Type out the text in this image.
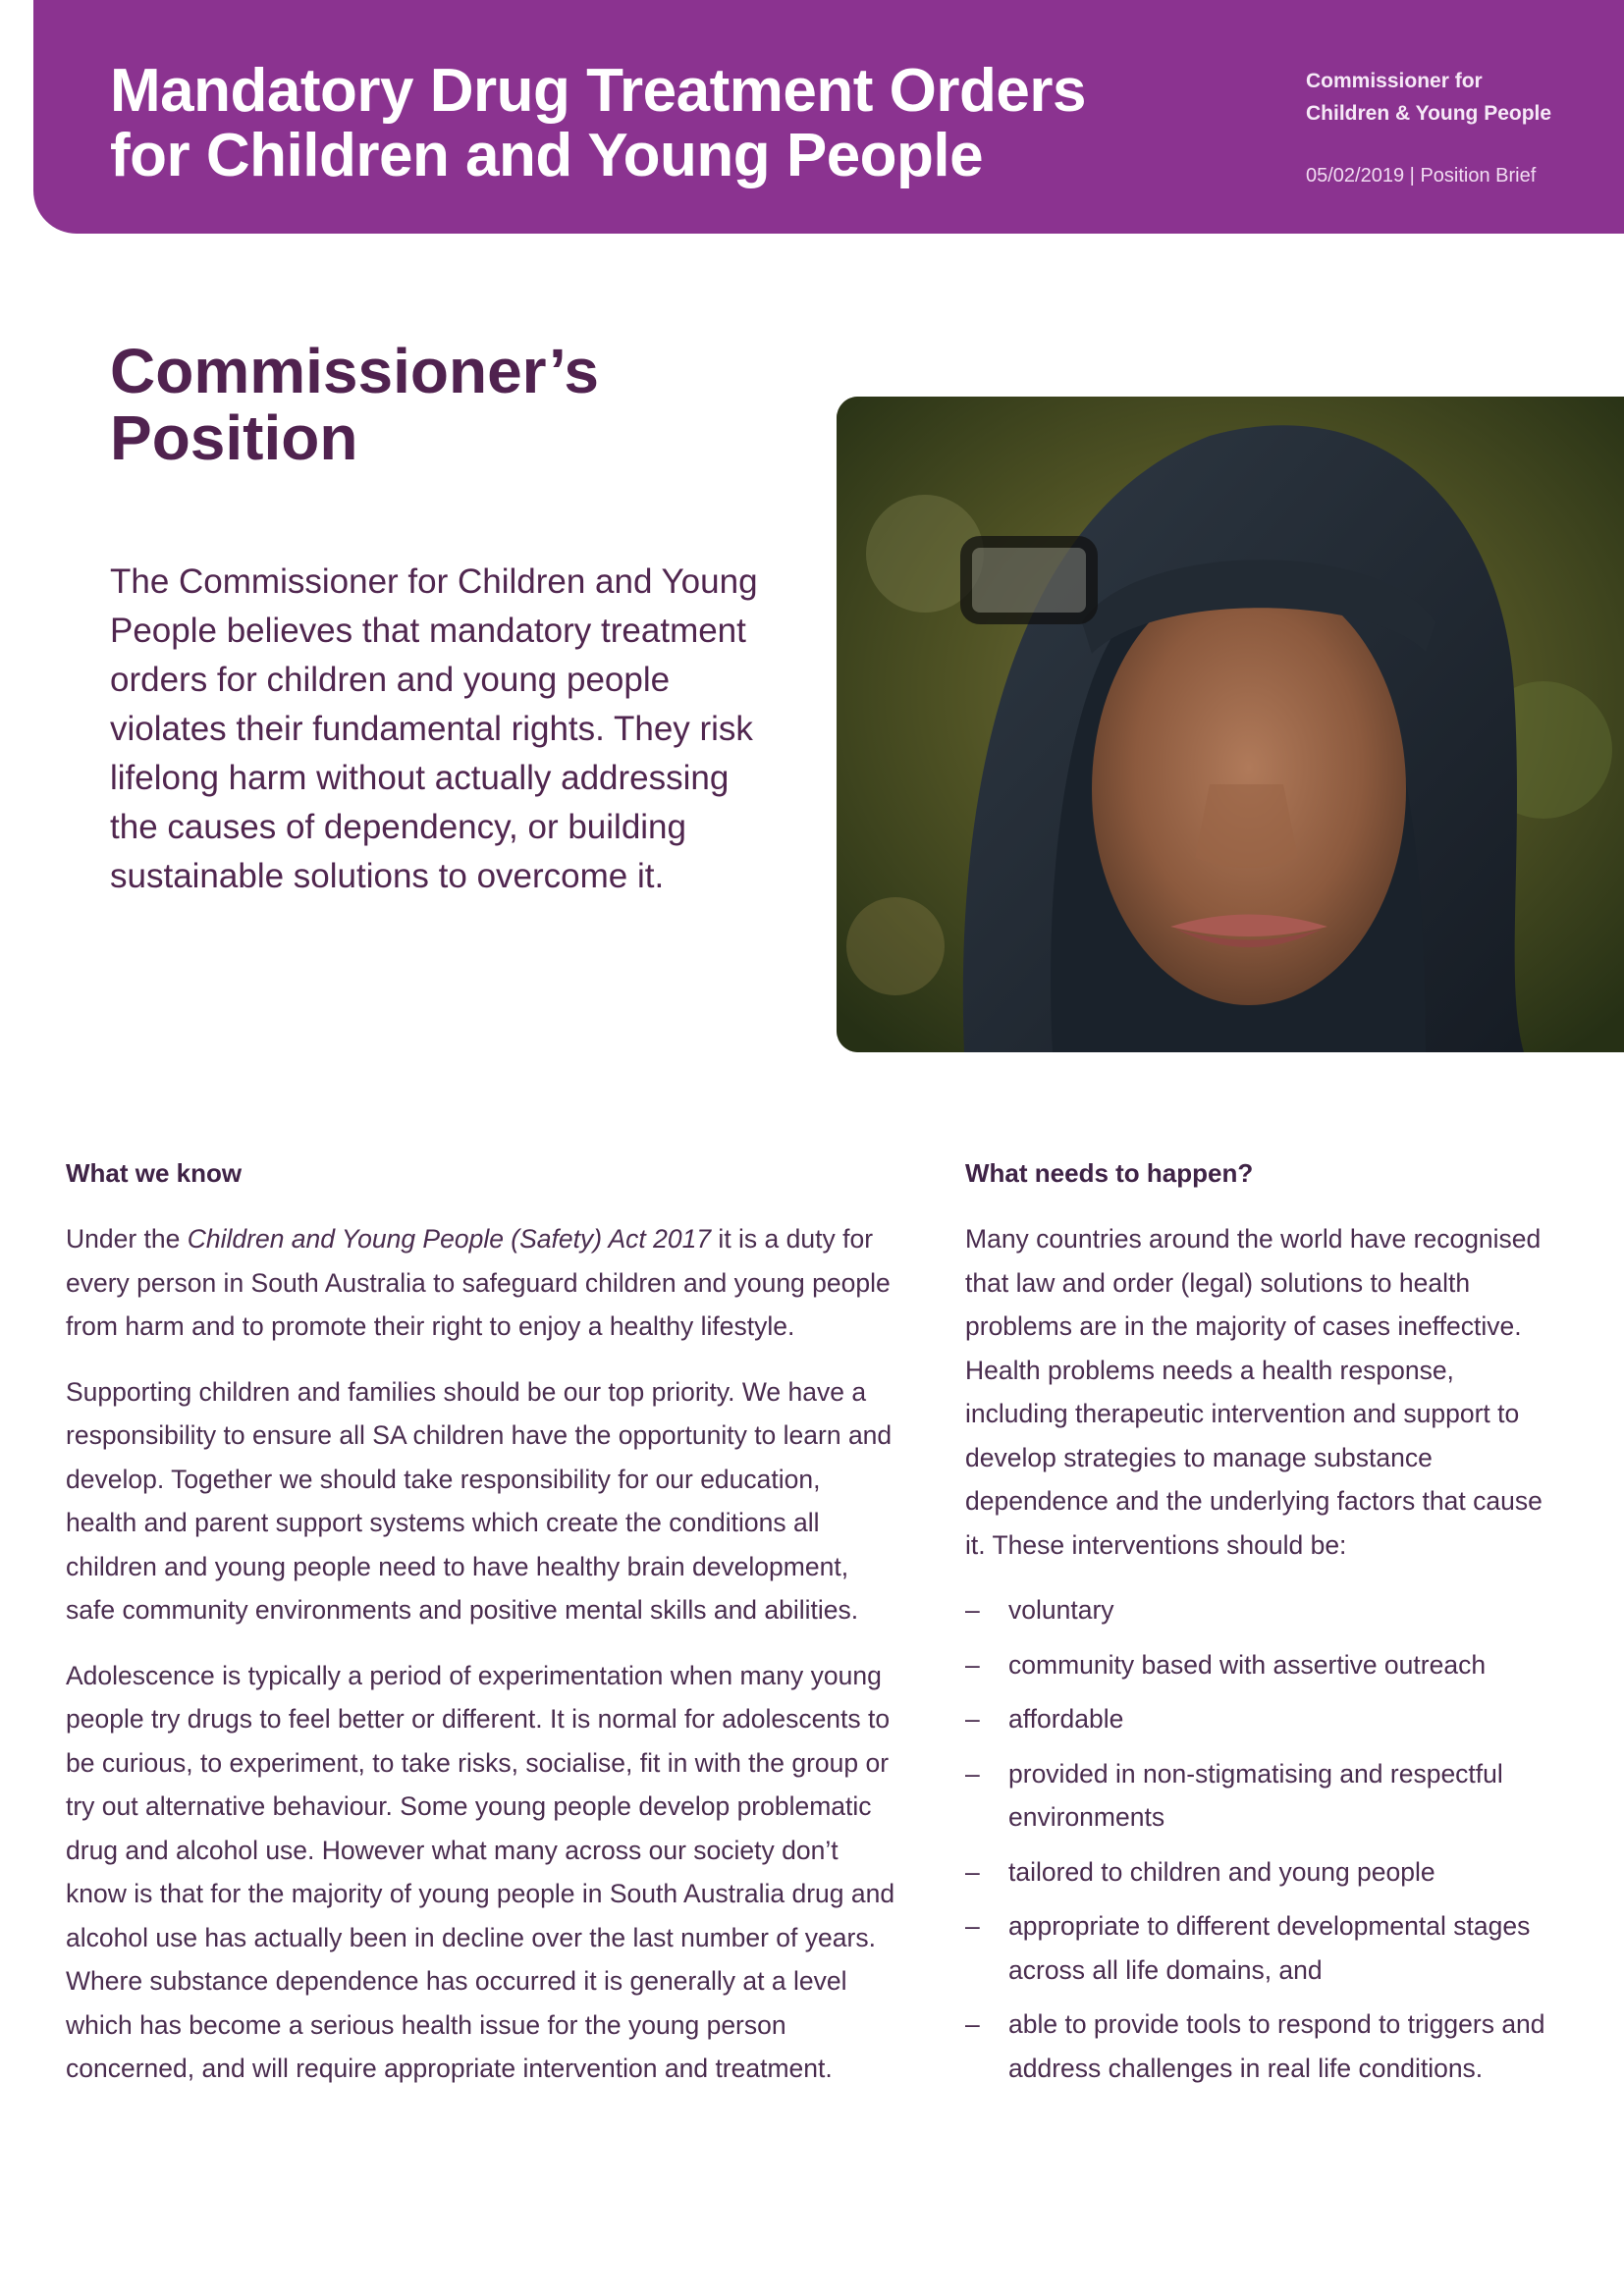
Mandatory Drug Treatment Orders
for Children and Young People
Commissioner for
Children & Young People
05/02/2019 | Position Brief
Commissioner’s
Position
The Commissioner for Children and Young People believes that mandatory treatment orders for children and young people violates their fundamental rights. They risk lifelong harm without actually addressing the causes of dependency, or building sustainable solutions to overcome it.
What we know

Under the Children and Young People (Safety) Act 2017 it is a duty for every person in South Australia to safeguard children and young people from harm and to promote their right to enjoy a healthy lifestyle.

Supporting children and families should be our top priority. We have a responsibility to ensure all SA children have the opportunity to learn and develop. Together we should take responsibility for our education, health and parent support systems which create the conditions all children and young people need to have healthy brain development, safe community environments and positive mental skills and abilities.

Adolescence is typically a period of experimentation when many young people try drugs to feel better or different. It is normal for adolescents to be curious, to experiment, to take risks, socialise, fit in with the group or try out alternative behaviour. Some young people develop problematic drug and alcohol use. However what many across our society don’t know is that for the majority of young people in South Australia drug and alcohol use has actually been in decline over the last number of years. Where substance dependence has occurred it is generally at a level which has become a serious health issue for the young person concerned, and will require appropriate intervention and treatment.

What needs to happen?

Many countries around the world have recognised that law and order (legal) solutions to health problems are in the majority of cases ineffective. Health problems needs a health response, including therapeutic intervention and support to develop strategies to manage substance dependence and the underlying factors that cause it. These interventions should be:

– voluntary
– community based with assertive outreach
– affordable
– provided in non-stigmatising and respectful environments
– tailored to children and young people
– appropriate to different developmental stages across all life domains, and
– able to provide tools to respond to triggers and address challenges in real life conditions.
